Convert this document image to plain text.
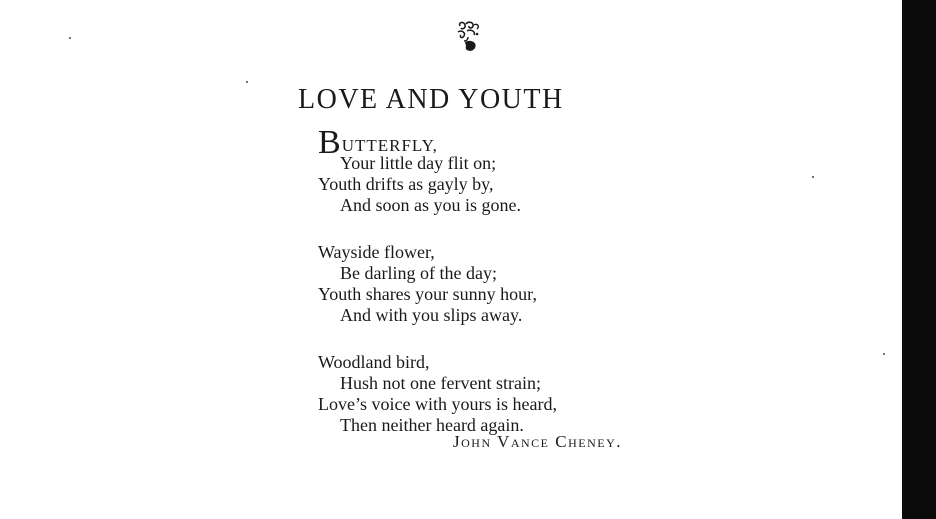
LOVE AND YOUTH
BUTTERFLY,
Your little day flit on;
Youth drifts as gayly by,
And soon as you is gone.
Wayside flower,
Be darling of the day;
Youth shares your sunny hour,
And with you slips away.
Woodland bird,
Hush not one fervent strain;
Love’s voice with yours is heard,
Then neither heard again.
John Vance Cheney.
